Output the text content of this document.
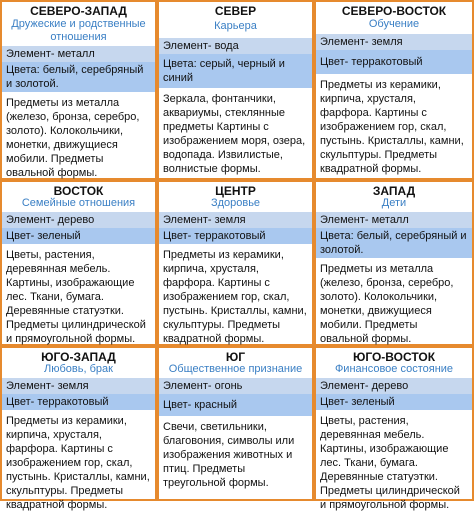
СЕВЕРО-ЗАПАД
Дружеские и родственные отношения
Элемент- металл
Цвета: белый, серебряный и золотой.
Предметы из металла (железо, бронза, серебро, золото). Колокольчики, монетки, движущиеся мобили. Предметы овальной формы.
СЕВЕР
Карьера
Элемент- вода
Цвета: серый, черный и синий
Зеркала, фонтанчики, аквариумы, стеклянные предметы Картины с изображением моря, озера, водопада. Извилистые, волнистые формы.
СЕВЕРО-ВОСТОК
Обучение
Элемент- земля
Цвет- терракотовый
Предметы из керамики, кирпича, хрусталя, фарфора. Картины с изображением гор, скал, пустынь. Кристаллы, камни, скульптуры. Предметы квадратной формы.
ВОСТОК
Семейные отношения
Элемент- дерево
Цвет- зеленый
Цветы, растения, деревянная мебель. Картины, изображающие лес. Ткани, бумага. Деревянные статуэтки. Предметы цилиндрической и прямоугольной формы.
ЦЕНТР
Здоровье
Элемент- земля
Цвет- терракотовый
Предметы из керамики, кирпича, хрусталя, фарфора. Картины с изображением гор, скал, пустынь. Кристаллы, камни, скульптуры. Предметы квадратной формы.
ЗАПАД
Дети
Элемент- металл
Цвета: белый, серебряный и золотой.
Предметы из металла (железо, бронза, серебро, золото). Колокольчики, монетки, движущиеся мобили. Предметы овальной формы.
ЮГО-ЗАПАД
Любовь, брак
Элемент- земля
Цвет- терракотовый
Предметы из керамики, кирпича, хрусталя, фарфора. Картины с изображением гор, скал, пустынь. Кристаллы, камни, скульптуры. Предметы квадратной формы.
ЮГ
Общественное признание
Элемент- огонь
Цвет- красный
Свечи, светильники, благовония, символы или изображения животных и птиц. Предметы треугольной формы.
ЮГО-ВОСТОК
Финансовое состояние
Элемент- дерево
Цвет- зеленый
Цветы, растения, деревянная мебель. Картины, изображающие лес. Ткани, бумага. Деревянные статуэтки. Предметы цилиндрической и прямоугольной формы.
